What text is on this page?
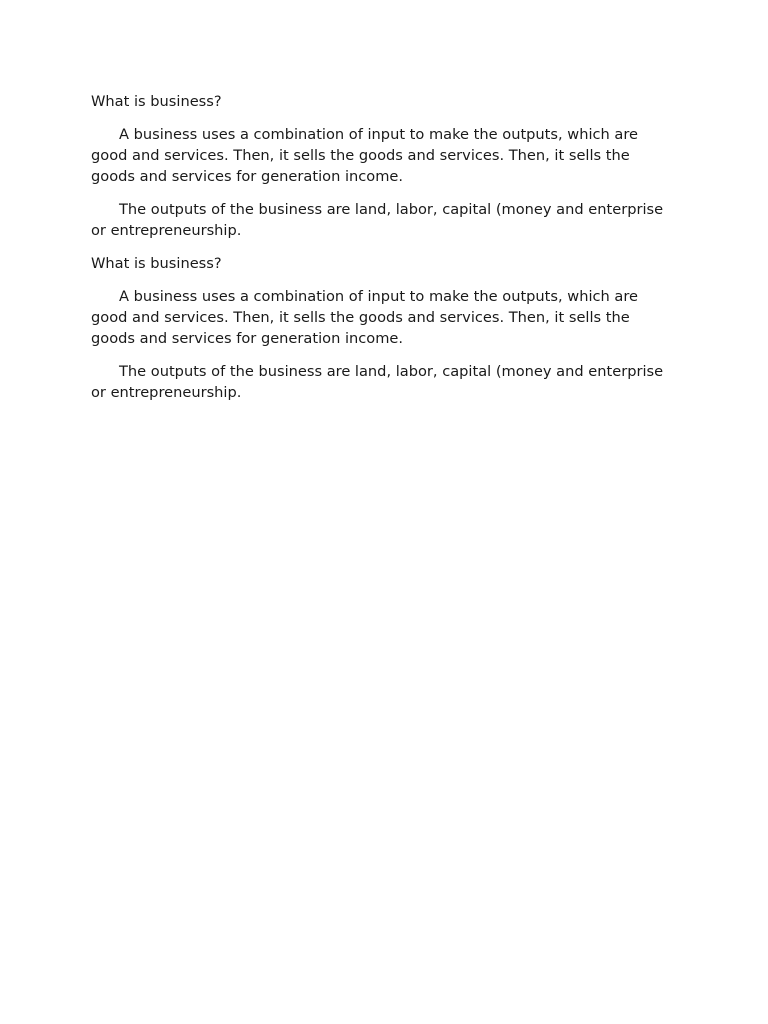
What is business?

A business uses a combination of input to make the outputs, which are good and services. Then, it sells the goods and services. Then, it sells the goods and services for generation income.

The outputs of the business are land, labor, capital (money and enterprise or entrepreneurship.

What is business?

A business uses a combination of input to make the outputs, which are good and services. Then, it sells the goods and services. Then, it sells the goods and services for generation income.

The outputs of the business are land, labor, capital (money and enterprise or entrepreneurship.
